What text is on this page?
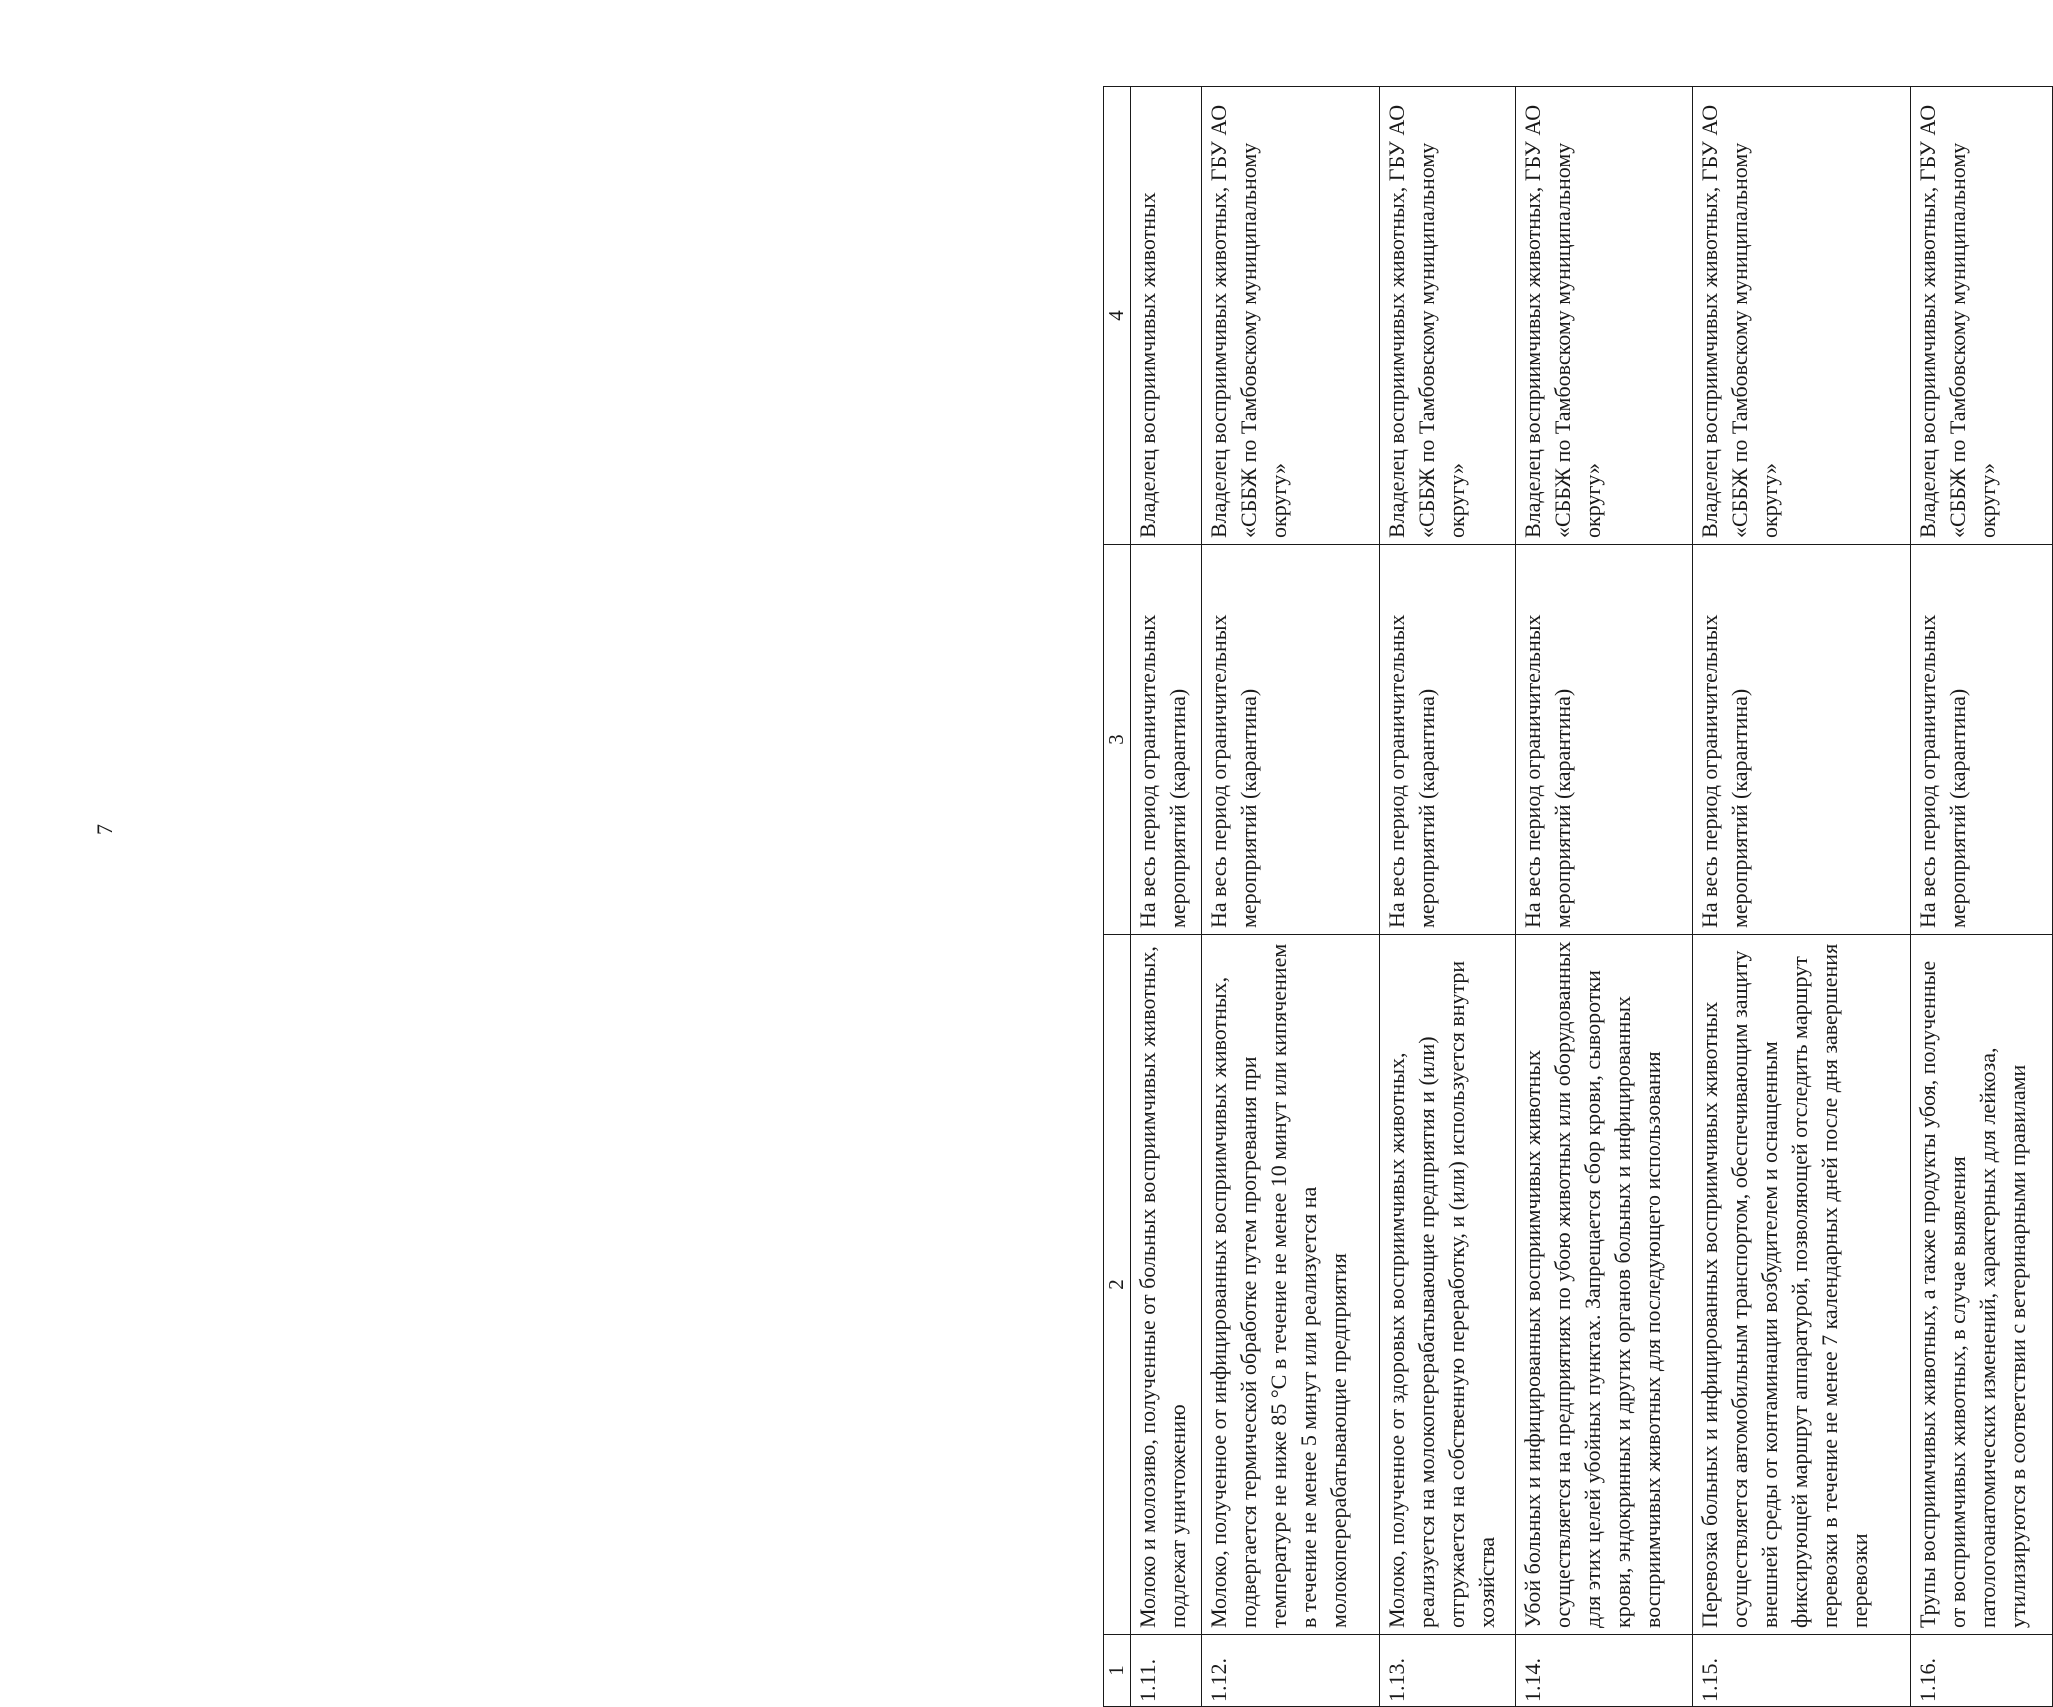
7
1	2	3	4
1.11.	Молоко и молозиво, полученные от больных восприимчивых животных, подлежат уничтожению	На весь период ограничительных мероприятий (карантина)	Владелец восприимчивых животных
1.12.	Молоко, полученное от инфицированных восприимчивых животных, подвергается термической обработке путем прогревания при температуре не ниже 85 °С в течение не менее 10 минут или кипячением в течение не менее 5 минут или реализуется на молокоперерабатывающие предприятия	На весь период ограничительных мероприятий (карантина)	Владелец восприимчивых животных, ГБУ АО «СББЖ по Тамбовскому муниципальному округу»
1.13.	Молоко, полученное от здоровых восприимчивых животных, реализуется на молокоперерабатывающие предприятия и (или) отгружается на собственную переработку, и (или) используется внутри хозяйства	На весь период ограничительных мероприятий (карантина)	Владелец восприимчивых животных, ГБУ АО «СББЖ по Тамбовскому муниципальному округу»
1.14.	Убой больных и инфицированных восприимчивых животных осуществляется на предприятиях по убою животных или оборудованных для этих целей убойных пунктах. Запрещается сбор крови, сыворотки крови, эндокринных и других органов больных и инфицированных восприимчивых животных для последующего использования	На весь период ограничительных мероприятий (карантина)	Владелец восприимчивых животных, ГБУ АО «СББЖ по Тамбовскому муниципальному округу»
1.15.	Перевозка больных и инфицированных восприимчивых животных осуществляется автомобильным транспортом, обеспечивающим защиту внешней среды от контаминации возбудителем и оснащенным фиксирующей маршрут аппаратурой, позволяющей отследить маршрут перевозки в течение не менее 7 календарных дней после дня завершения перевозки	На весь период ограничительных мероприятий (карантина)	Владелец восприимчивых животных, ГБУ АО «СББЖ по Тамбовскому муниципальному округу»
1.16.	Трупы восприимчивых животных, а также продукты убоя, полученные от восприимчивых животных, в случае выявления патологоанатомических изменений, характерных для лейкоза, утилизируются в соответствии с ветеринарными правилами	На весь период ограничительных мероприятий (карантина)	Владелец восприимчивых животных, ГБУ АО «СББЖ по Тамбовскому муниципальному округу»
